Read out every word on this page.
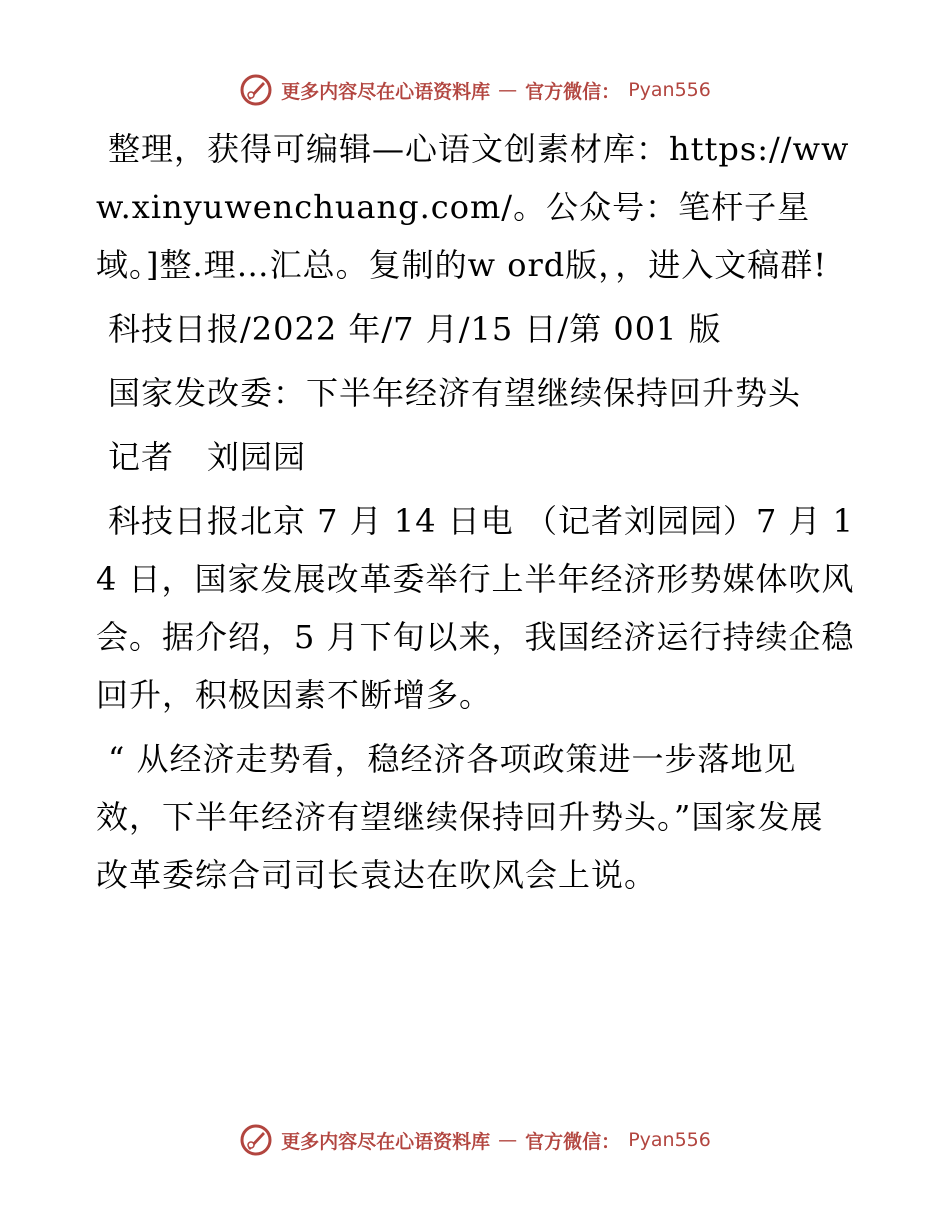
更多内容尽在心语资料库 — 官方微信： Pyan556

整理，获得可编辑—心语文创素材库：https://www.xinyuwenchuang.com/。公众号：笔杆子星域。]整.理…汇总。复制的w ord版，，进入文稿群!

科技日报/2022 年/7 月/15 日/第 001 版

国家发改委：下半年经济有望继续保持回升势头

记者　刘园园

科技日报北京 7 月 14 日电 （记者刘园园）7 月 14 日，国家发展改革委举行上半年经济形势媒体吹风会。据介绍，5 月下旬以来，我国经济运行持续企稳回升，积极因素不断增多。

“ 从经济走势看，稳经济各项政策进一步落地见效，下半年经济有望继续保持回升势头。”国家发展改革委综合司司长袁达在吹风会上说。

更多内容尽在心语资料库 — 官方微信： Pyan556
